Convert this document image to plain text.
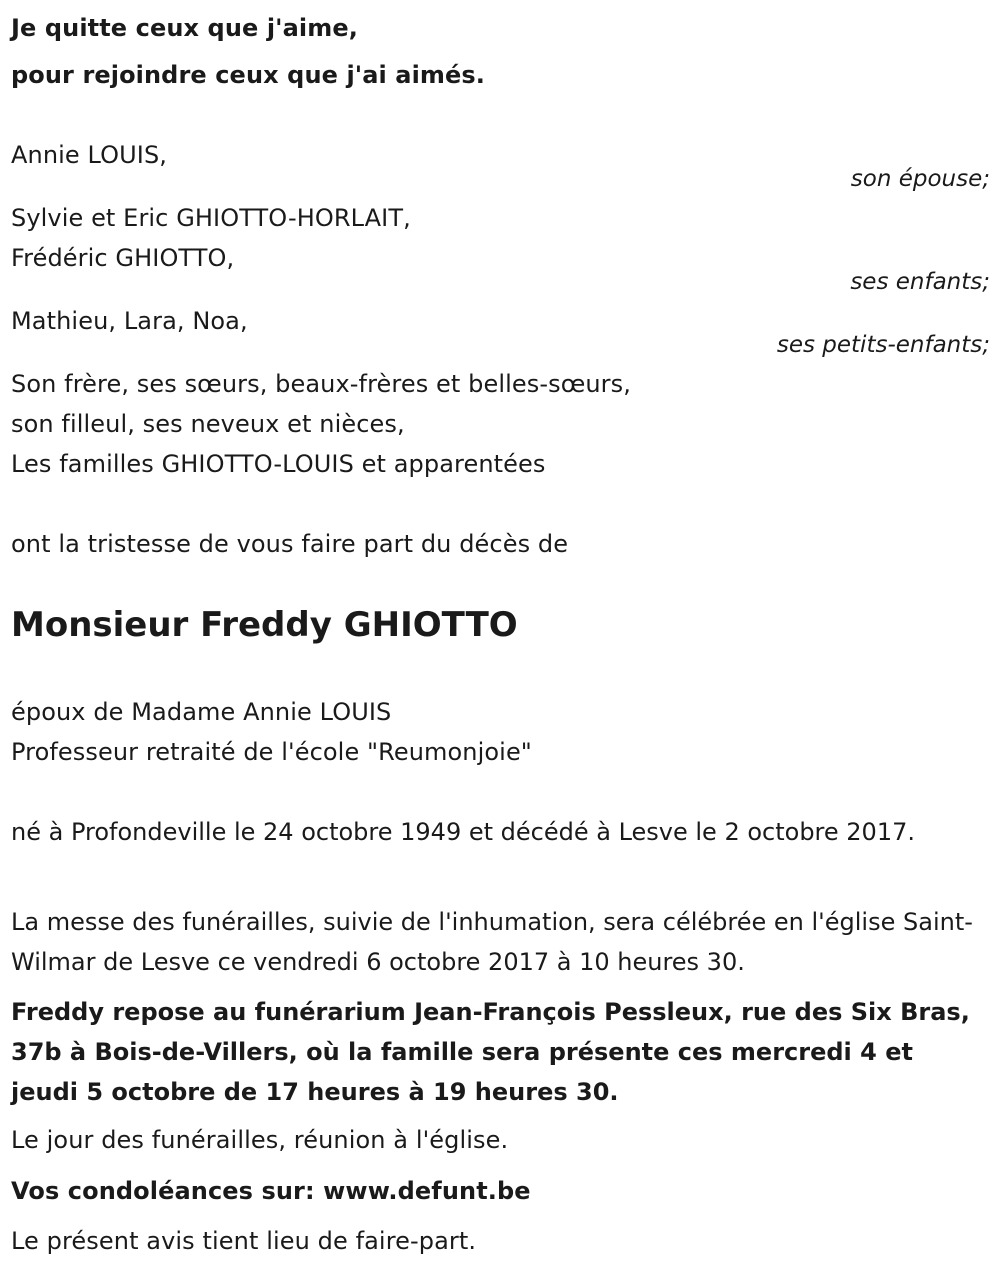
Je quitte ceux que j'aime,
pour rejoindre ceux que j'ai aimés.
Annie LOUIS,
son épouse;
Sylvie et Eric GHIOTTO-HORLAIT,
Frédéric GHIOTTO,
ses enfants;
Mathieu, Lara, Noa,
ses petits-enfants;
Son frère, ses sœurs, beaux-frères et belles-sœurs,
son filleul, ses neveux et nièces,
Les familles GHIOTTO-LOUIS et apparentées
ont la tristesse de vous faire part du décès de
Monsieur Freddy GHIOTTO
époux de Madame Annie LOUIS
Professeur retraité de l'école "Reumonjoie"
né à Profondeville le 24 octobre 1949 et décédé à Lesve le 2 octobre 2017.
La messe des funérailles, suivie de l'inhumation, sera célébrée en l'église Saint-Wilmar de Lesve ce vendredi 6 octobre 2017 à 10 heures 30.
Freddy repose au funérarium Jean-François Pessleux, rue des Six Bras, 37b à Bois-de-Villers, où la famille sera présente ces mercredi 4 et jeudi 5 octobre de 17 heures à 19 heures 30.
Le jour des funérailles, réunion à l'église.
Vos condoléances sur: www.defunt.be
Le présent avis tient lieu de faire-part.
